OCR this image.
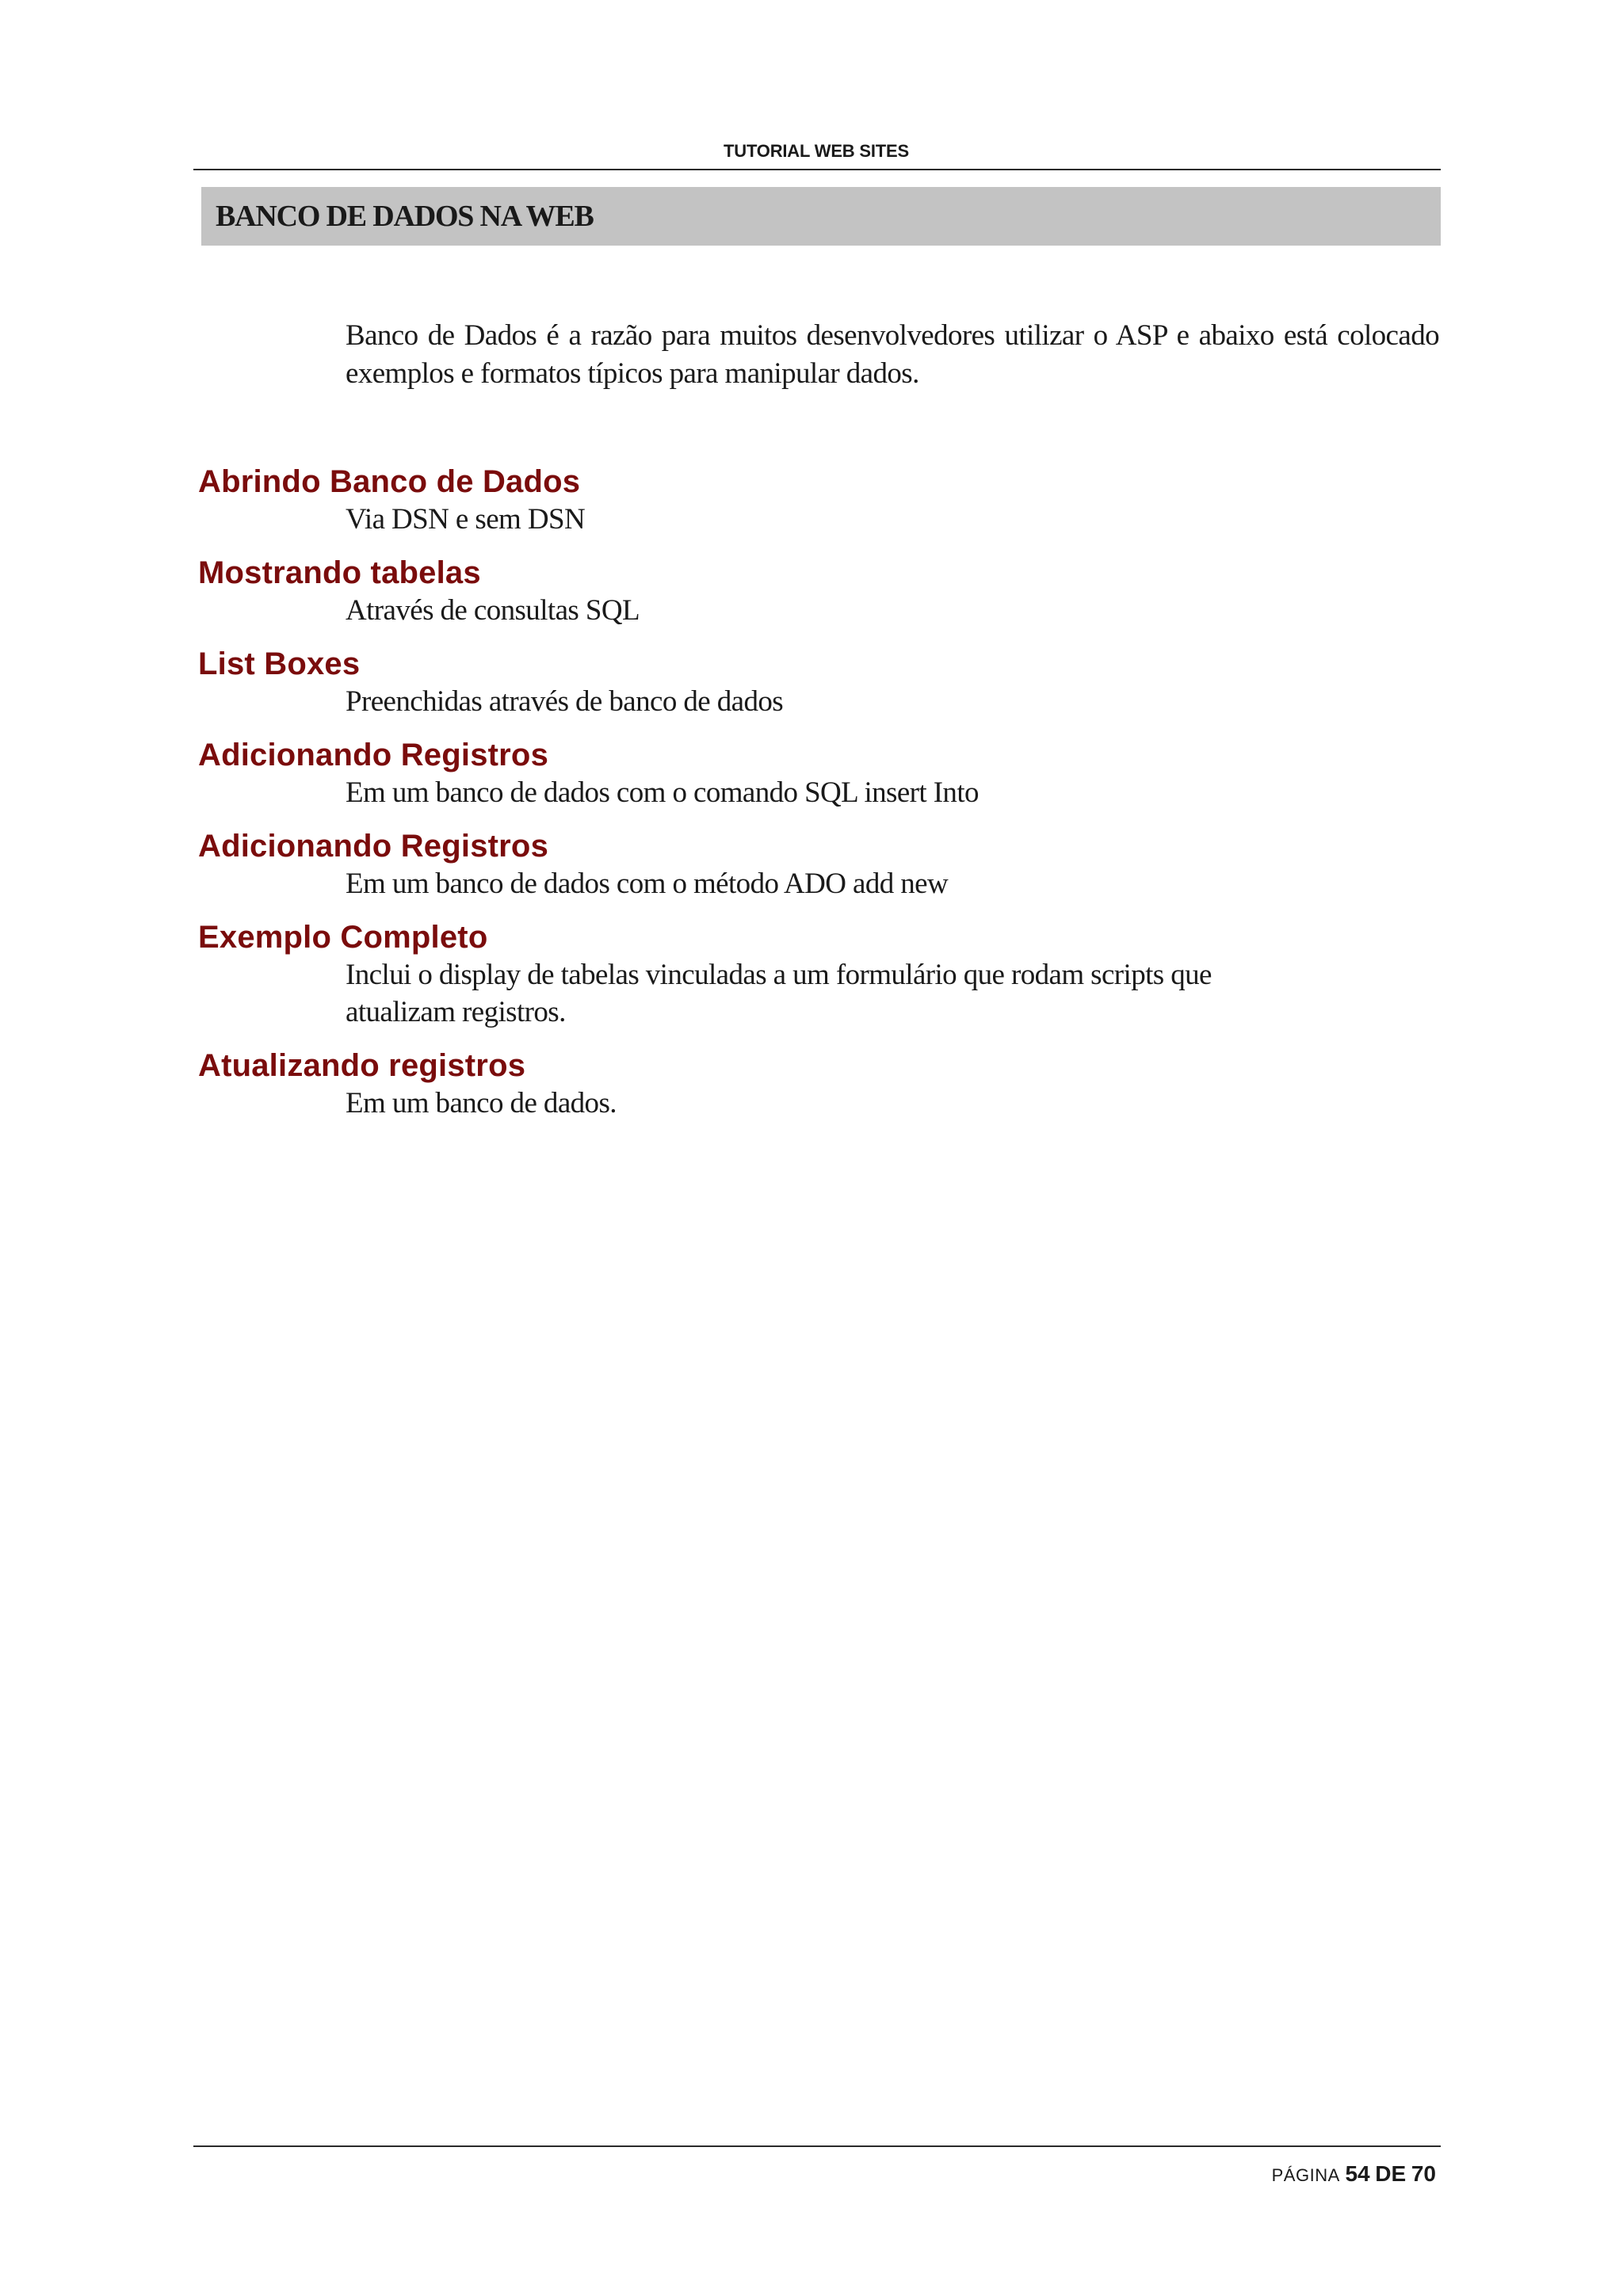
TUTORIAL WEB SITES
BANCO DE DADOS NA WEB

Banco de Dados é a razão para muitos desenvolvedores utilizar o ASP e abaixo está colocado exemplos e formatos típicos para manipular dados.

Abrindo Banco de Dados
Via DSN e sem DSN
Mostrando tabelas
Através de consultas SQL
List Boxes
Preenchidas através de banco de dados
Adicionando Registros
Em um banco de dados com o comando SQL insert Into
Adicionando Registros
Em um banco de dados com o método ADO add new
Exemplo Completo
Inclui o display de tabelas vinculadas a um formulário que rodam scripts que atualizam registros.
Atualizando registros
Em um banco de dados.
PÁGINA 54 DE 70
